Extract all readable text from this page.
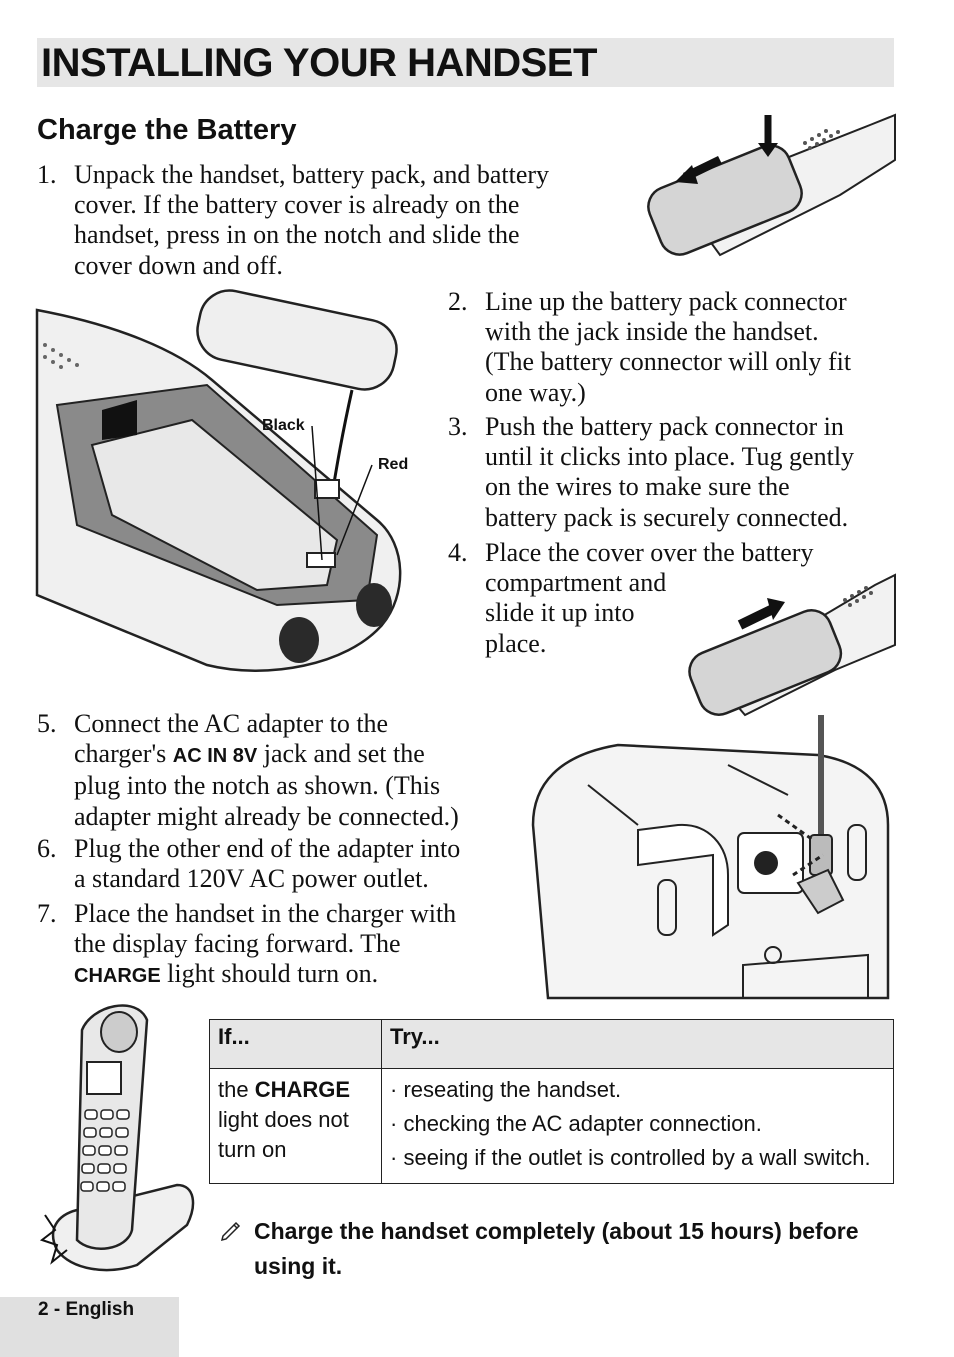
INSTALLING YOUR HANDSET
Charge the Battery
1. Unpack the handset, battery pack, and battery
cover. If the battery cover is already on the
handset, press in on the notch and slide the
cover down and off.
Black
Red
2. Line up the battery pack connector
with the jack inside the handset.
(The battery connector will only fit
one way.)
3. Push the battery pack connector in
until it clicks into place. Tug gently
on the wires to make sure the
battery pack is securely connected.
4. Place the cover over the battery
compartment and
slide it up into
place.
5. Connect the AC adapter to the
charger's AC IN 8V jack and set the
plug into the notch as shown. (This
adapter might already be connected.)
6. Plug the other end of the adapter into
a standard 120V AC power outlet.
7. Place the handset in the charger with
the display facing forward. The
CHARGE light should turn on.
If...	Try...
the CHARGE light does not turn on	· reseating the handset.
· checking the AC adapter connection.
· seeing if the outlet is controlled by a wall switch.
Charge the handset completely (about 15 hours) before using it.
2 - English
